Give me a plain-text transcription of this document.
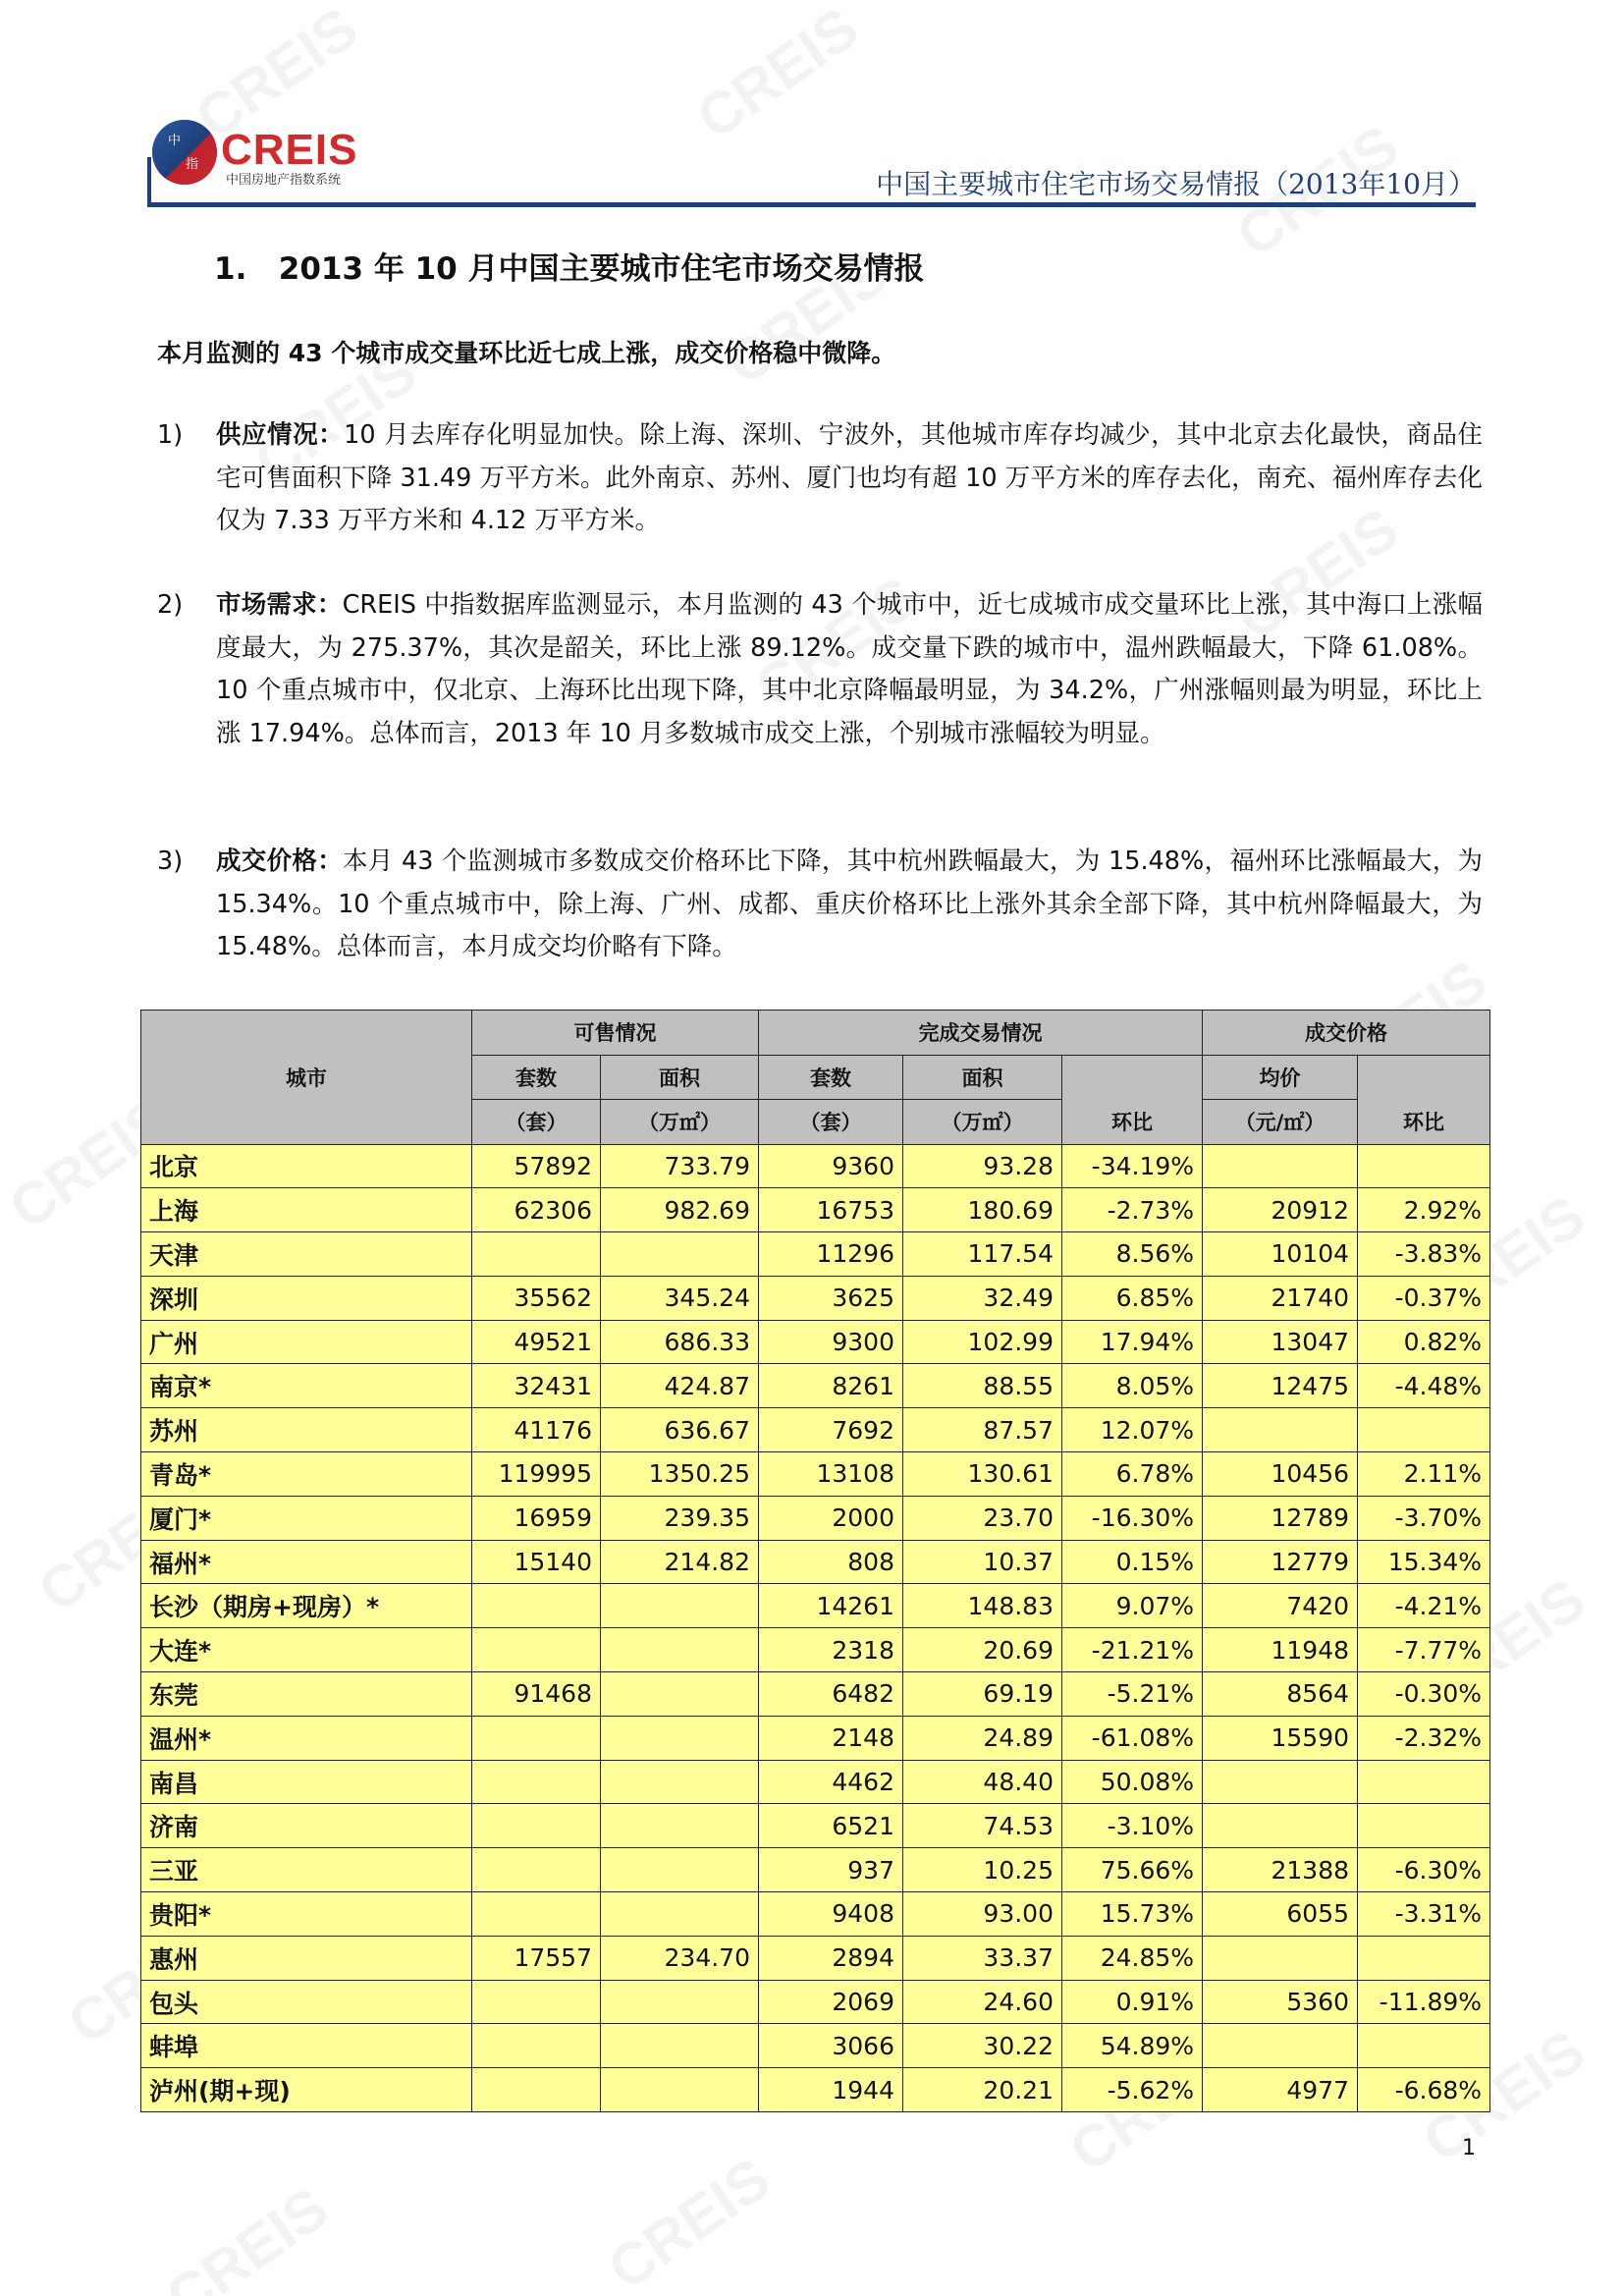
中
指 CREIS
中国房地产指数系统	中国主要城市住宅市场交易情报（2013年10月）
1. 2013 年 10 月中国主要城市住宅市场交易情报
本月监测的 43 个城市成交量环比近七成上涨，成交价格稳中微降。
1) 供应情况：10 月去库存化明显加快。除上海、深圳、宁波外，其他城市库存均减少，其中北京去化最快，商品住宅可售面积下降 31.49 万平方米。此外南京、苏州、厦门也均有超 10 万平方米的库存去化，南充、福州库存去化仅为 7.33 万平方米和 4.12 万平方米。
2) 市场需求：CREIS 中指数据库监测显示，本月监测的 43 个城市中，近七成城市成交量环比上涨，其中海口上涨幅度最大，为 275.37%，其次是韶关，环比上涨 89.12%。成交量下跌的城市中，温州跌幅最大，下降 61.08%。10 个重点城市中，仅北京、上海环比出现下降，其中北京降幅最明显，为 34.2%，广州涨幅则最为明显，环比上涨 17.94%。总体而言，2013 年 10 月多数城市成交上涨，个别城市涨幅较为明显。
3) 成交价格：本月 43 个监测城市多数成交价格环比下降，其中杭州跌幅最大，为 15.48%，福州环比涨幅最大，为 15.34%。10 个重点城市中，除上海、广州、成都、重庆价格环比上涨外其余全部下降，其中杭州降幅最大，为 15.48%。总体而言，本月成交均价略有下降。
城市	可售情况		完成交易情况			成交价格	
	套数	面积	套数	面积	环比	均价	环比
	（套）	（万㎡）	（套）	（万㎡）		（元/㎡）	
北京	57892	733.79	9360	93.28	-34.19%		
上海	62306	982.69	16753	180.69	-2.73%	20912	2.92%
天津			11296	117.54	8.56%	10104	-3.83%
深圳	35562	345.24	3625	32.49	6.85%	21740	-0.37%
广州	49521	686.33	9300	102.99	17.94%	13047	0.82%
南京*	32431	424.87	8261	88.55	8.05%	12475	-4.48%
苏州	41176	636.67	7692	87.57	12.07%		
青岛*	119995	1350.25	13108	130.61	6.78%	10456	2.11%
厦门*	16959	239.35	2000	23.70	-16.30%	12789	-3.70%
福州*	15140	214.82	808	10.37	0.15%	12779	15.34%
长沙（期房+现房）*			14261	148.83	9.07%	7420	-4.21%
大连*			2318	20.69	-21.21%	11948	-7.77%
东莞	91468		6482	69.19	-5.21%	8564	-0.30%
温州*			2148	24.89	-61.08%	15590	-2.32%
南昌			4462	48.40	50.08%		
济南			6521	74.53	-3.10%		
三亚			937	10.25	75.66%	21388	-6.30%
贵阳*			9408	93.00	15.73%	6055	-3.31%
惠州	17557	234.70	2894	33.37	24.85%		
包头			2069	24.60	0.91%	5360	-11.89%
蚌埠			3066	30.22	54.89%		
泸州(期+现)			1944	20.21	-5.62%	4977	-6.68%
1
